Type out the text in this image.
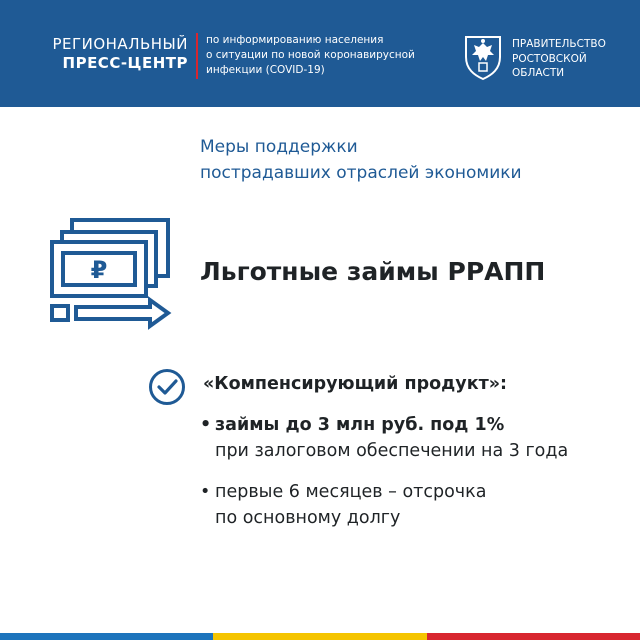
РЕГИОНАЛЬНЫЙ
ПРЕСС-ЦЕНТР
по информированию населения
о ситуации по новой коронавирусной
инфекции (COVID-19)
ПРАВИТЕЛЬСТВО
РОСТОВСКОЙ
ОБЛАСТИ
Меры поддержки
пострадавших отраслей экономики
₽	Льготные займы РРАПП
«Компенсирующий продукт»:
• займы до 3 млн руб. под 1%
при залоговом обеспечении на 3 года
• первые 6 месяцев – отсрочка
по основному долгу
